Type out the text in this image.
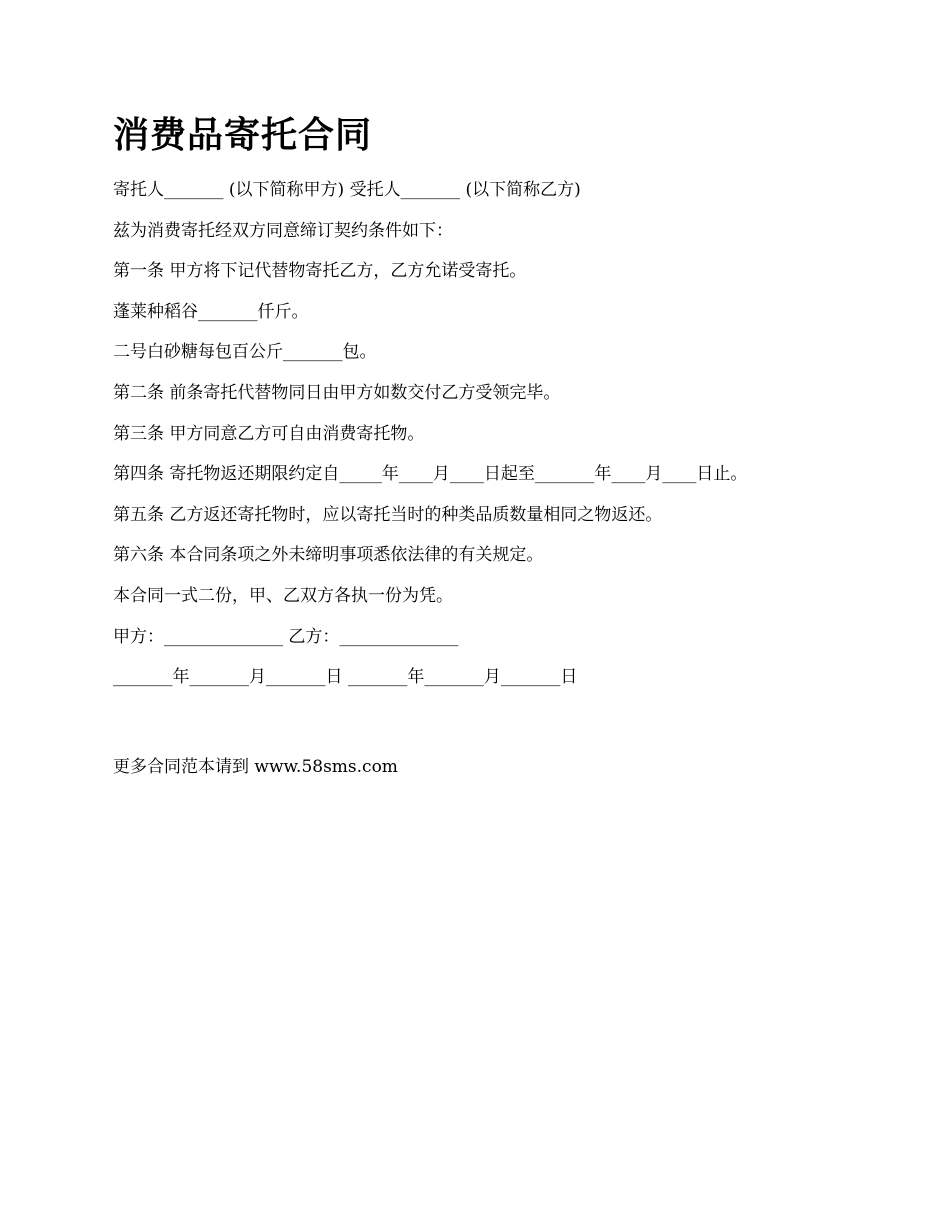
消费品寄托合同

寄托人_______ (以下简称甲方) 受托人_______ (以下简称乙方)

兹为消费寄托经双方同意缔订契约条件如下：

第一条 甲方将下记代替物寄托乙方，乙方允诺受寄托。

蓬莱种稻谷_______仟斤。

二号白砂糖每包百公斤_______包。

第二条 前条寄托代替物同日由甲方如数交付乙方受领完毕。

第三条 甲方同意乙方可自由消费寄托物。

第四条 寄托物返还期限约定自_____年____月____日起至_______年____月____日止。

第五条 乙方返还寄托物时，应以寄托当时的种类品质数量相同之物返还。

第六条 本合同条项之外未缔明事项悉依法律的有关规定。

本合同一式二份，甲、乙双方各执一份为凭。

甲方：______________ 乙方：______________

_______年_______月_______日 _______年_______月_______日

更多合同范本请到 www.58sms.com
